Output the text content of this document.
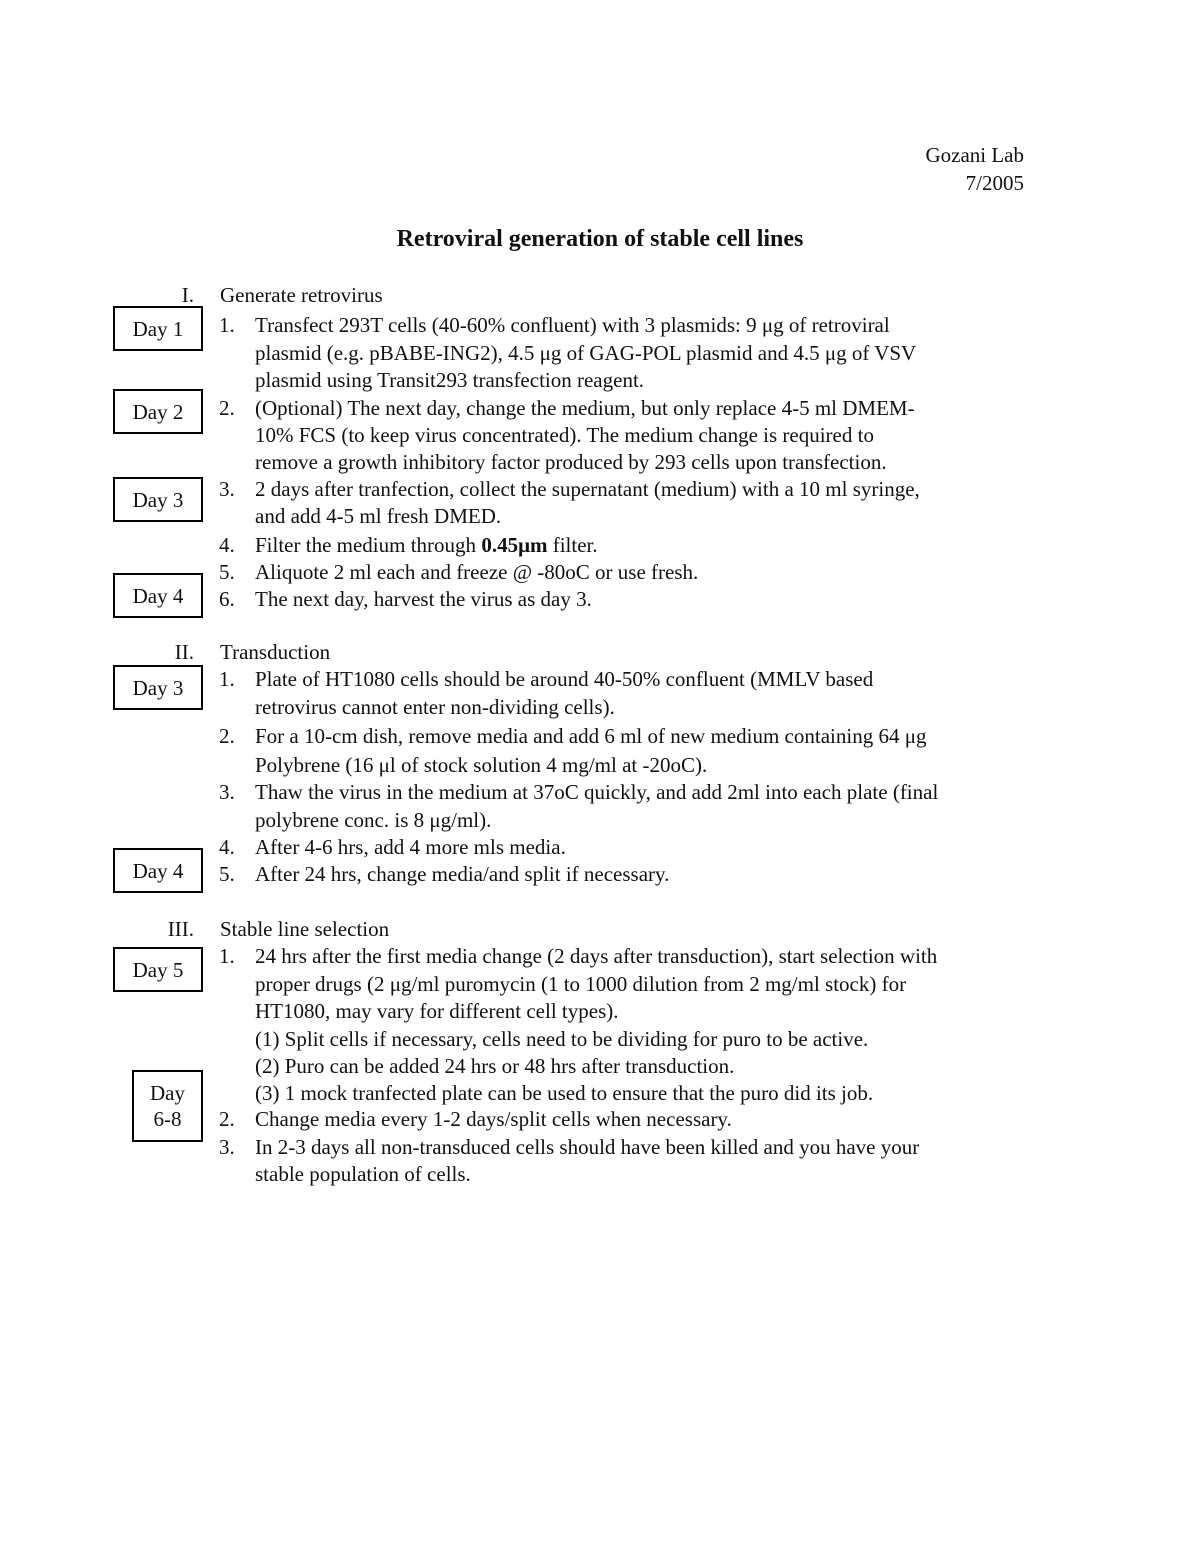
Gozani Lab
7/2005
Retroviral generation of stable cell lines
Day 1
Day 2
Day 3
Day 4
Day 3
Day 4
Day 5
Day
6-8
I. Generate retrovirus
1. Transfect 293T cells (40-60% confluent) with 3 plasmids: 9 μg of retroviral
plasmid (e.g. pBABE-ING2), 4.5 μg of GAG-POL plasmid and 4.5 μg of VSV
plasmid using Transit293 transfection reagent.
2. (Optional) The next day, change the medium, but only replace 4-5 ml DMEM-
10% FCS (to keep virus concentrated). The medium change is required to
remove a growth inhibitory factor produced by 293 cells upon transfection.
3. 2 days after tranfection, collect the supernatant (medium) with a 10 ml syringe,
and add 4-5 ml fresh DMED.
4. Filter the medium through 0.45μm filter.
5. Aliquote 2 ml each and freeze @ -80oC or use fresh.
6. The next day, harvest the virus as day 3.
II. Transduction
1. Plate of HT1080 cells should be around 40-50% confluent (MMLV based
retrovirus cannot enter non-dividing cells).
2. For a 10-cm dish, remove media and add 6 ml of new medium containing 64 μg
Polybrene (16 μl of stock solution 4 mg/ml at -20oC).
3. Thaw the virus in the medium at 37oC quickly, and add 2ml into each plate (final
polybrene conc. is 8 μg/ml).
4. After 4-6 hrs, add 4 more mls media.
5. After 24 hrs, change media/and split if necessary.
III. Stable line selection
1. 24 hrs after the first media change (2 days after transduction), start selection with
proper drugs (2 μg/ml puromycin (1 to 1000 dilution from 2 mg/ml stock) for
HT1080, may vary for different cell types).
(1) Split cells if necessary, cells need to be dividing for puro to be active.
(2) Puro can be added 24 hrs or 48 hrs after transduction.
(3) 1 mock tranfected plate can be used to ensure that the puro did its job.
2. Change media every 1-2 days/split cells when necessary.
3. In 2-3 days all non-transduced cells should have been killed and you have your
stable population of cells.
